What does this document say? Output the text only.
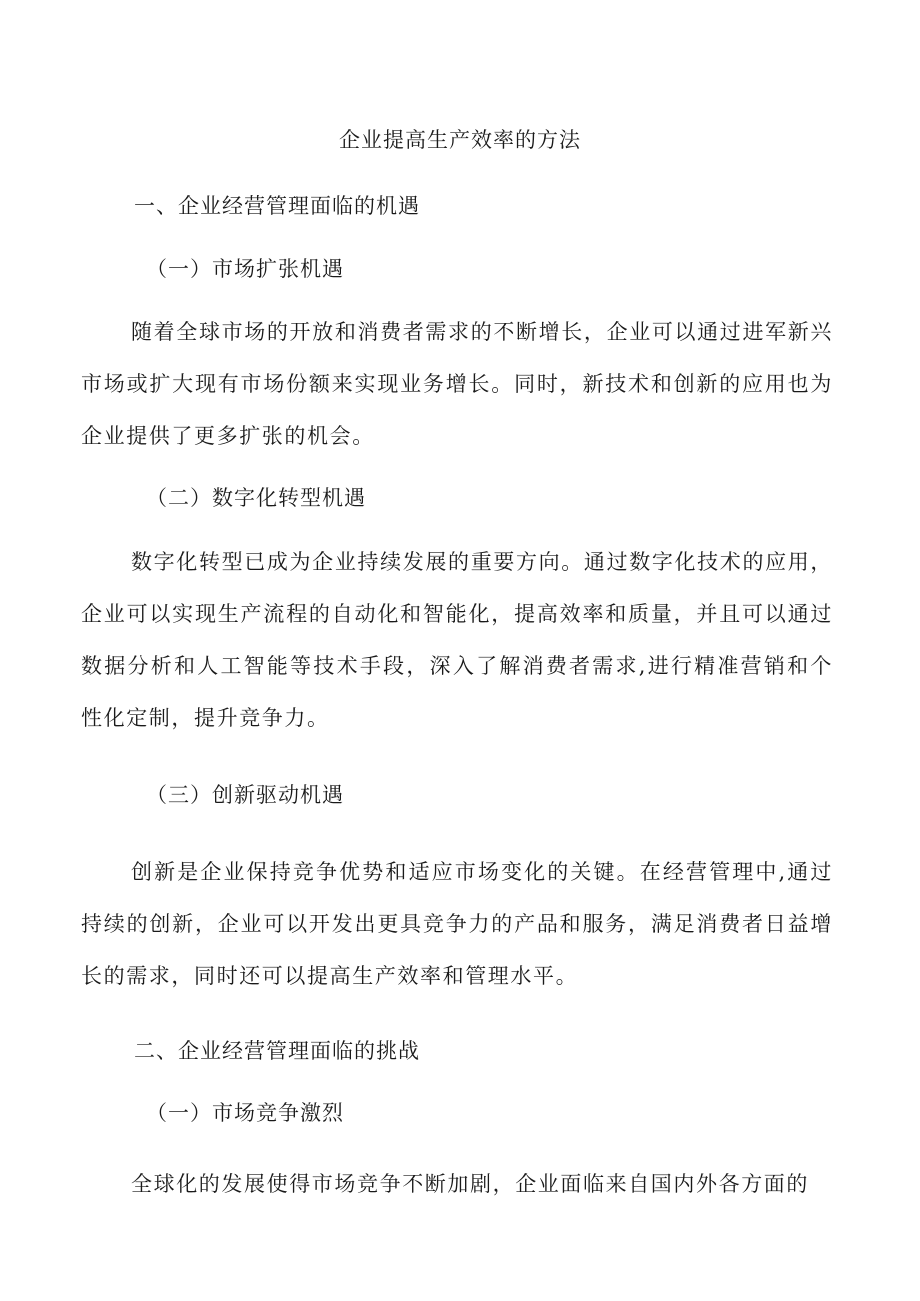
企业提高生产效率的方法
一、企业经营管理面临的机遇
（一）市场扩张机遇

随着全球市场的开放和消费者需求的不断增长，企业可以通过进军新兴市场或扩大现有市场份额来实现业务增长。同时，新技术和创新的应用也为企业提供了更多扩张的机会。

（二）数字化转型机遇

数字化转型已成为企业持续发展的重要方向。通过数字化技术的应用，企业可以实现生产流程的自动化和智能化，提高效率和质量，并且可以通过数据分析和人工智能等技术手段，深入了解消费者需求,进行精准营销和个性化定制，提升竞争力。

（三）创新驱动机遇

创新是企业保持竞争优势和适应市场变化的关键。在经营管理中,通过持续的创新，企业可以开发出更具竞争力的产品和服务，满足消费者日益增长的需求，同时还可以提高生产效率和管理水平。

二、企业经营管理面临的挑战
（一）市场竞争激烈

全球化的发展使得市场竞争不断加剧，企业面临来自国内外各方面的
